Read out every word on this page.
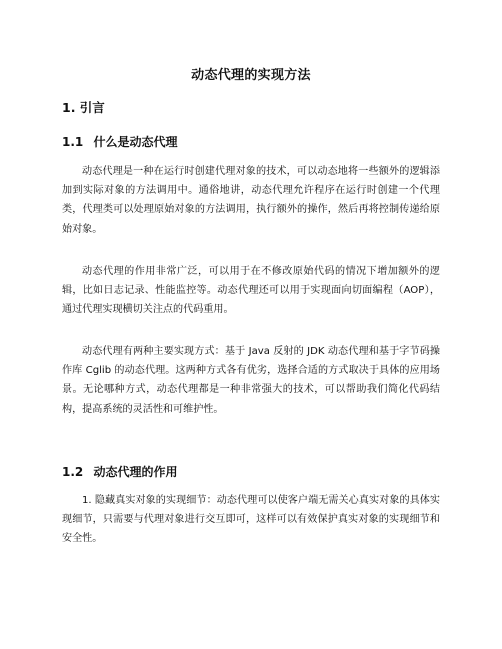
动态代理的实现方法
1. 引言
1.1 什么是动态代理
动态代理是一种在运行时创建代理对象的技术，可以动态地将一些额外的逻辑添加到实际对象的方法调用中。通俗地讲，动态代理允许程序在运行时创建一个代理类，代理类可以处理原始对象的方法调用，执行额外的操作，然后再将控制传递给原始对象。
动态代理的作用非常广泛，可以用于在不修改原始代码的情况下增加额外的逻辑，比如日志记录、性能监控等。动态代理还可以用于实现面向切面编程（AOP），通过代理实现横切关注点的代码重用。
动态代理有两种主要实现方式：基于 Java 反射的 JDK 动态代理和基于字节码操作库 Cglib 的动态代理。这两种方式各有优劣，选择合适的方式取决于具体的应用场景。无论哪种方式，动态代理都是一种非常强大的技术，可以帮助我们简化代码结构，提高系统的灵活性和可维护性。
1.2 动态代理的作用
1. 隐藏真实对象的实现细节：动态代理可以使客户端无需关心真实对象的具体实现细节，只需要与代理对象进行交互即可，这样可以有效保护真实对象的实现细节和安全性。
